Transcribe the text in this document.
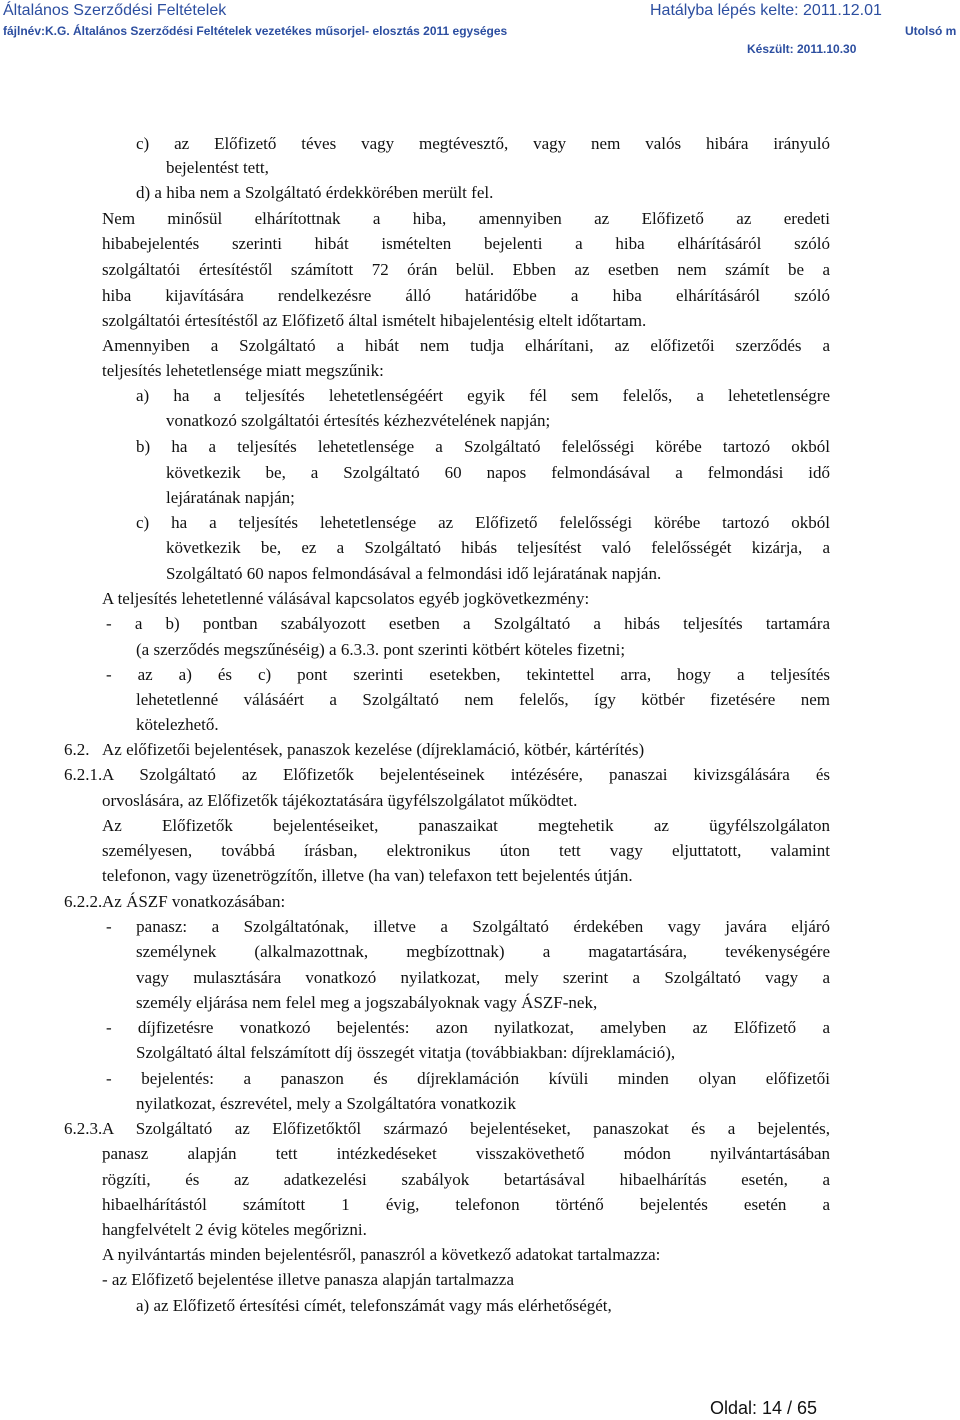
Általános Szerződési Feltételek
fájlnév:K.G. Általános Szerződési Feltételek vezetékes műsorjel- elosztás 2011 egységes
Hatályba lépés kelte: 2011.12.01
Utolsó m
Készült: 2011.10.30
c) az Előfizető téves vagy megtévesztő, vagy nem valós hibára irányuló
bejelentést tett,
d) a hiba nem a Szolgáltató érdekkörében merült fel.
Nem minősül elhárítottnak a hiba, amennyiben az Előfizető az eredeti
hibabejelentés szerinti hibát ismételten bejelenti a hiba elhárításáról szóló
szolgáltatói értesítéstől számított 72 órán belül. Ebben az esetben nem számít be a
hiba kijavítására rendelkezésre álló határidőbe a hiba elhárításáról szóló
szolgáltatói értesítéstől az Előfizető által ismételt hibajelentésig eltelt időtartam.
Amennyiben a Szolgáltató a hibát nem tudja elhárítani, az előfizetői szerződés a
teljesítés lehetetlensége miatt megszűnik:
a) ha a teljesítés lehetetlenségéért egyik fél sem felelős, a lehetetlenségre
vonatkozó szolgáltatói értesítés kézhezvételének napján;
b) ha a teljesítés lehetetlensége a Szolgáltató felelősségi körébe tartozó okból
következik be, a Szolgáltató 60 napos felmondásával a felmondási idő
lejáratának napján;
c) ha a teljesítés lehetetlensége az Előfizető felelősségi körébe tartozó okból
következik be, ez a Szolgáltató hibás teljesítést való felelősségét kizárja, a
Szolgáltató 60 napos felmondásával a felmondási idő lejáratának napján.
A teljesítés lehetetlenné válásával kapcsolatos egyéb jogkövetkezmény:
- a b) pontban szabályozott esetben a Szolgáltató a hibás teljesítés tartamára
(a szerződés megszűnéséig) a 6.3.3. pont szerinti kötbért köteles fizetni;
- az a) és c) pont szerinti esetekben, tekintettel arra, hogy a teljesítés
lehetetlenné válásáért a Szolgáltató nem felelős, így kötbér fizetésére nem
kötelezhető.
6.2. Az előfizetői bejelentések, panaszok kezelése (díjreklamáció, kötbér, kártérítés)
6.2.1. A Szolgáltató az Előfizetők bejelentéseinek intézésére, panaszai kivizsgálására és
orvoslására, az Előfizetők tájékoztatására ügyfélszolgálatot működtet.
Az Előfizetők bejelentéseiket, panaszaikat megtehetik az ügyfélszolgálaton
személyesen, továbbá írásban, elektronikus úton tett vagy eljuttatott, valamint
telefonon, vagy üzenetrögzítőn, illetve (ha van) telefaxon tett bejelentés útján.
6.2.2. Az ÁSZF vonatkozásában:
- panasz: a Szolgáltatónak, illetve a Szolgáltató érdekében vagy javára eljáró
személynek (alkalmazottnak, megbízottnak) a magatartására, tevékenységére
vagy mulasztására vonatkozó nyilatkozat, mely szerint a Szolgáltató vagy a
személy eljárása nem felel meg a jogszabályoknak vagy ÁSZF-nek,
- díjfizetésre vonatkozó bejelentés: azon nyilatkozat, amelyben az Előfizető a
Szolgáltató által felszámított díj összegét vitatja (továbbiakban: díjreklamáció),
- bejelentés: a panaszon és díjreklamáción kívüli minden olyan előfizetői
nyilatkozat, észrevétel, mely a Szolgáltatóra vonatkozik
6.2.3. A Szolgáltató az Előfizetőktől származó bejelentéseket, panaszokat és a bejelentés,
panasz alapján tett intézkedéseket visszakövethető módon nyilvántartásában
rögzíti, és az adatkezelési szabályok betartásával hibaelhárítás esetén, a
hibaelhárítástól számított 1 évig, telefonon történő bejelentés esetén a
hangfelvételt 2 évig köteles megőrizni.
A nyilvántartás minden bejelentésről, panaszról a következő adatokat tartalmazza:
- az Előfizető bejelentése illetve panasza alapján tartalmazza
a) az Előfizető értesítési címét, telefonszámát vagy más elérhetőségét,
Oldal: 14 / 65
